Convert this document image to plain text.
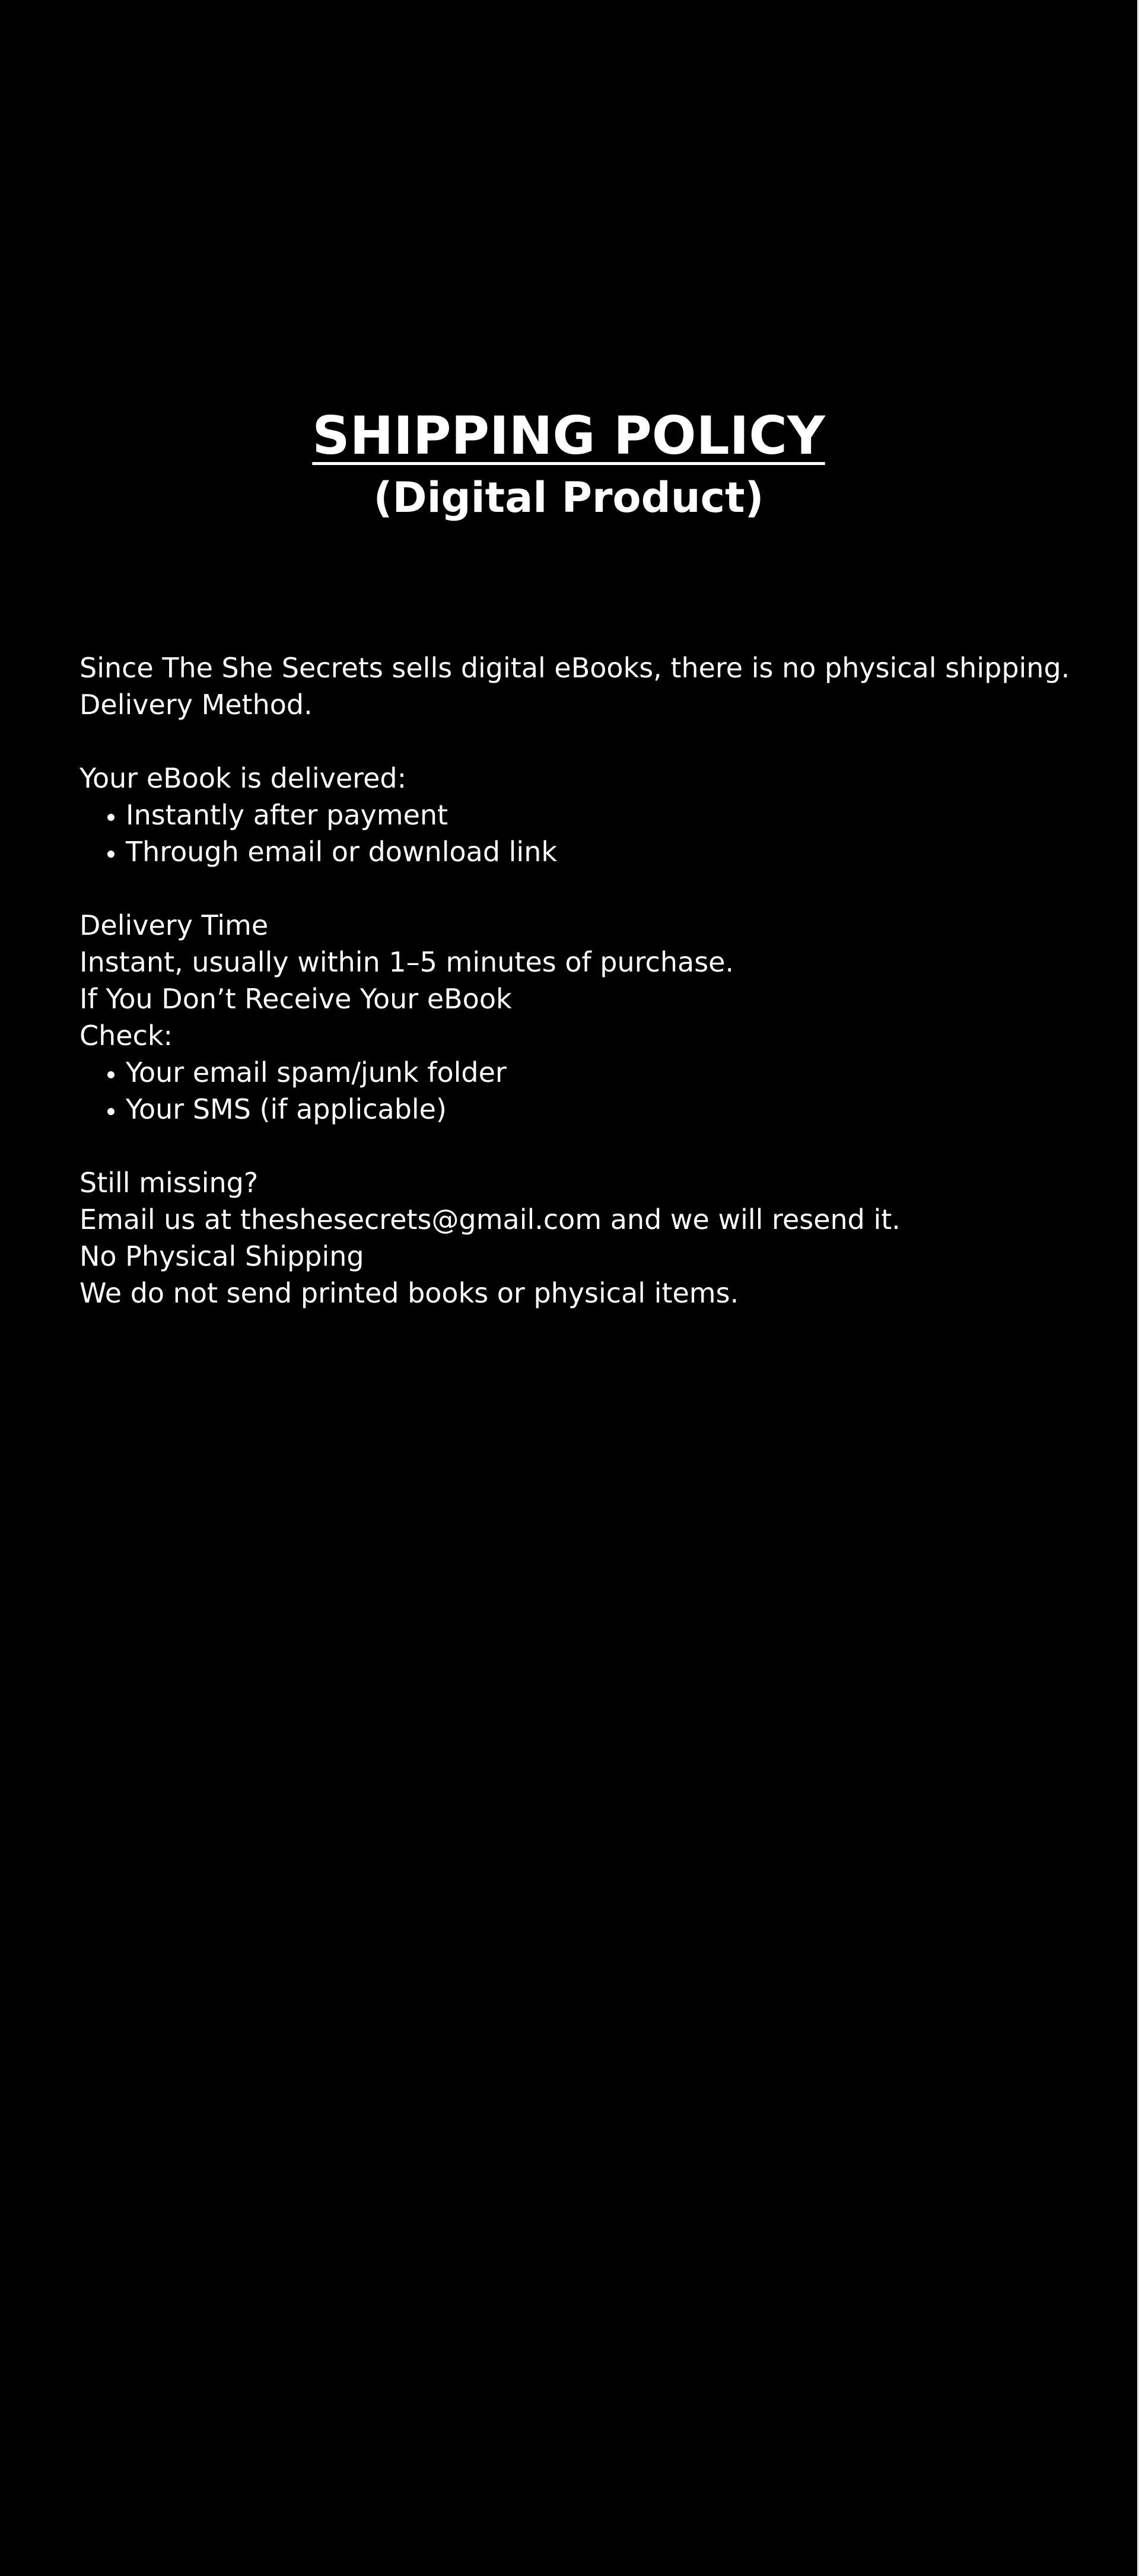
SHIPPING POLICY
(Digital Product)

Since The She Secrets sells digital eBooks, there is no physical shipping.

Delivery Method.

Your eBook is delivered:

• Instantly after payment
• Through email or download link

Delivery Time

Instant, usually within 1–5 minutes of purchase.

If You Don’t Receive Your eBook

Check:

• Your email spam/junk folder
• Your SMS (if applicable)

Still missing?

Email us at theshesecrets@gmail.com and we will resend it.

No Physical Shipping

We do not send printed books or physical items.
